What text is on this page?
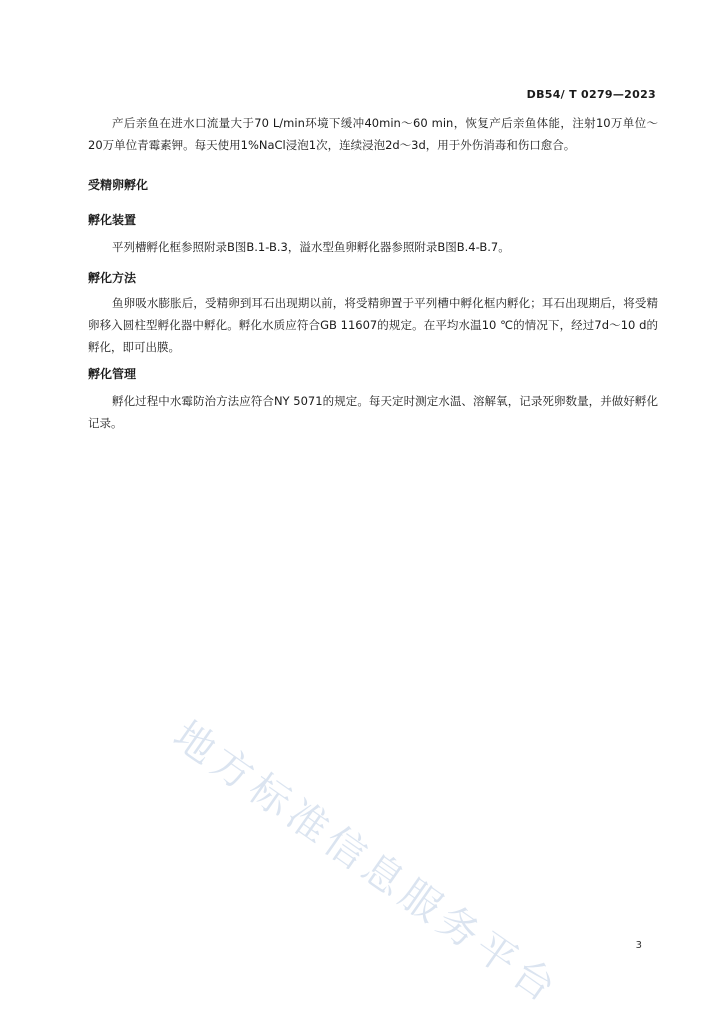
DB54/ T 0279—2023

产后亲鱼在进水口流量大于70 L/min环境下缓冲40min～60 min，恢复产后亲鱼体能，注射10万单位～20万单位青霉素钾。每天使用1%NaCl浸泡1次，连续浸泡2d～3d，用于外伤消毒和伤口愈合。

受精卵孵化
孵化装置

平列槽孵化框参照附录B图B.1-B.3，溢水型鱼卵孵化器参照附录B图B.4-B.7。

孵化方法

鱼卵吸水膨胀后，受精卵到耳石出现期以前，将受精卵置于平列槽中孵化框内孵化；耳石出现期后，将受精卵移入圆柱型孵化器中孵化。孵化水质应符合GB 11607的规定。在平均水温10 ℃的情况下，经过7d～10 d的孵化，即可出膜。

孵化管理

孵化过程中水霉防治方法应符合NY 5071的规定。每天定时测定水温、溶解氧，记录死卵数量，并做好孵化记录。

地方标准信息服务平台	3
